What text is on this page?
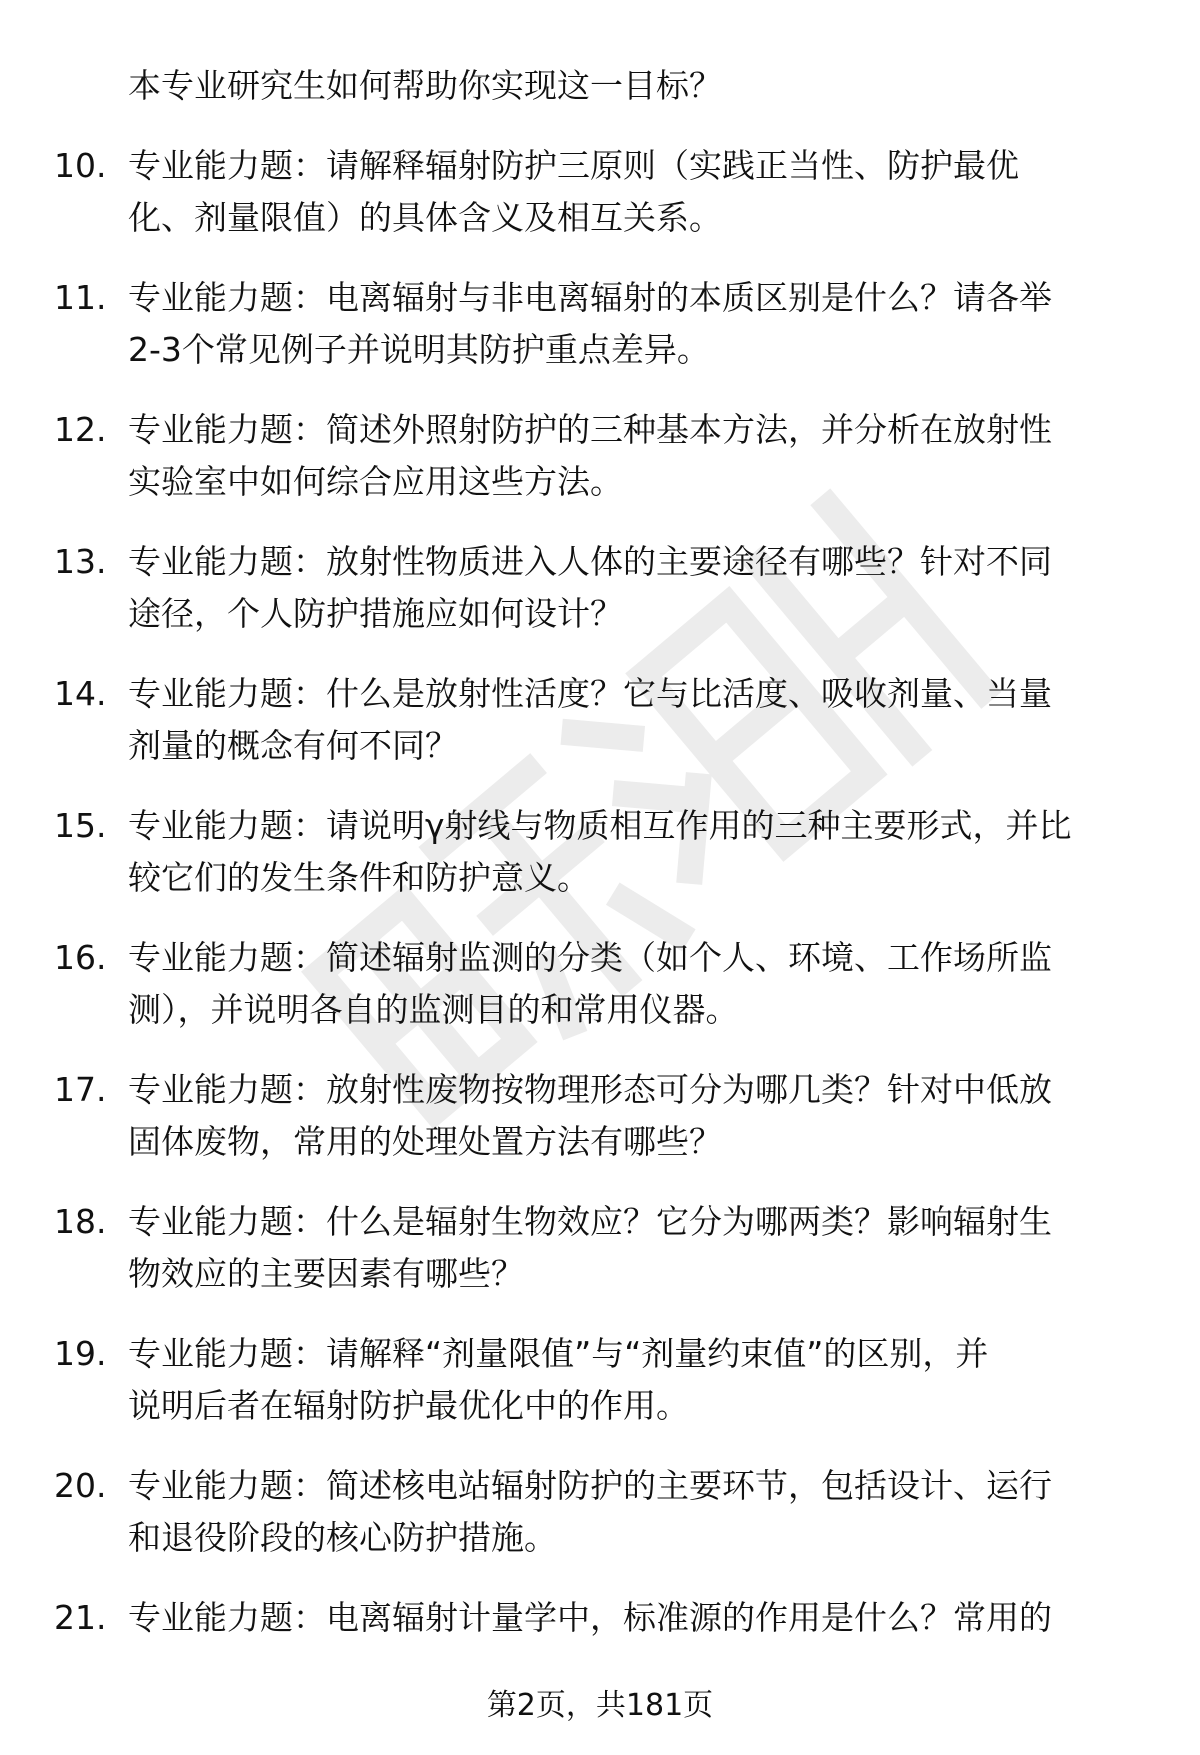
本专业研究生如何帮助你实现这一目标？
10. 专业能力题：请解释辐射防护三原则（实践正当性、防护最优
化、剂量限值）的具体含义及相互关系。
11. 专业能力题：电离辐射与非电离辐射的本质区别是什么？请各举
2-3个常见例子并说明其防护重点差异。
12. 专业能力题：简述外照射防护的三种基本方法，并分析在放射性
实验室中如何综合应用这些方法。
13. 专业能力题：放射性物质进入人体的主要途径有哪些？针对不同
途径，个人防护措施应如何设计？
14. 专业能力题：什么是放射性活度？它与比活度、吸收剂量、当量
剂量的概念有何不同？
15. 专业能力题：请说明γ射线与物质相互作用的三种主要形式，并比
较它们的发生条件和防护意义。
16. 专业能力题：简述辐射监测的分类（如个人、环境、工作场所监
测），并说明各自的监测目的和常用仪器。
17. 专业能力题：放射性废物按物理形态可分为哪几类？针对中低放
固体废物，常用的处理处置方法有哪些？
18. 专业能力题：什么是辐射生物效应？它分为哪两类？影响辐射生
物效应的主要因素有哪些？
19. 专业能力题：请解释“剂量限值”与“剂量约束值”的区别，并
说明后者在辐射防护最优化中的作用。
20. 专业能力题：简述核电站辐射防护的主要环节，包括设计、运行
和退役阶段的核心防护措施。
21. 专业能力题：电离辐射计量学中，标准源的作用是什么？常用的
第2页，共181页
